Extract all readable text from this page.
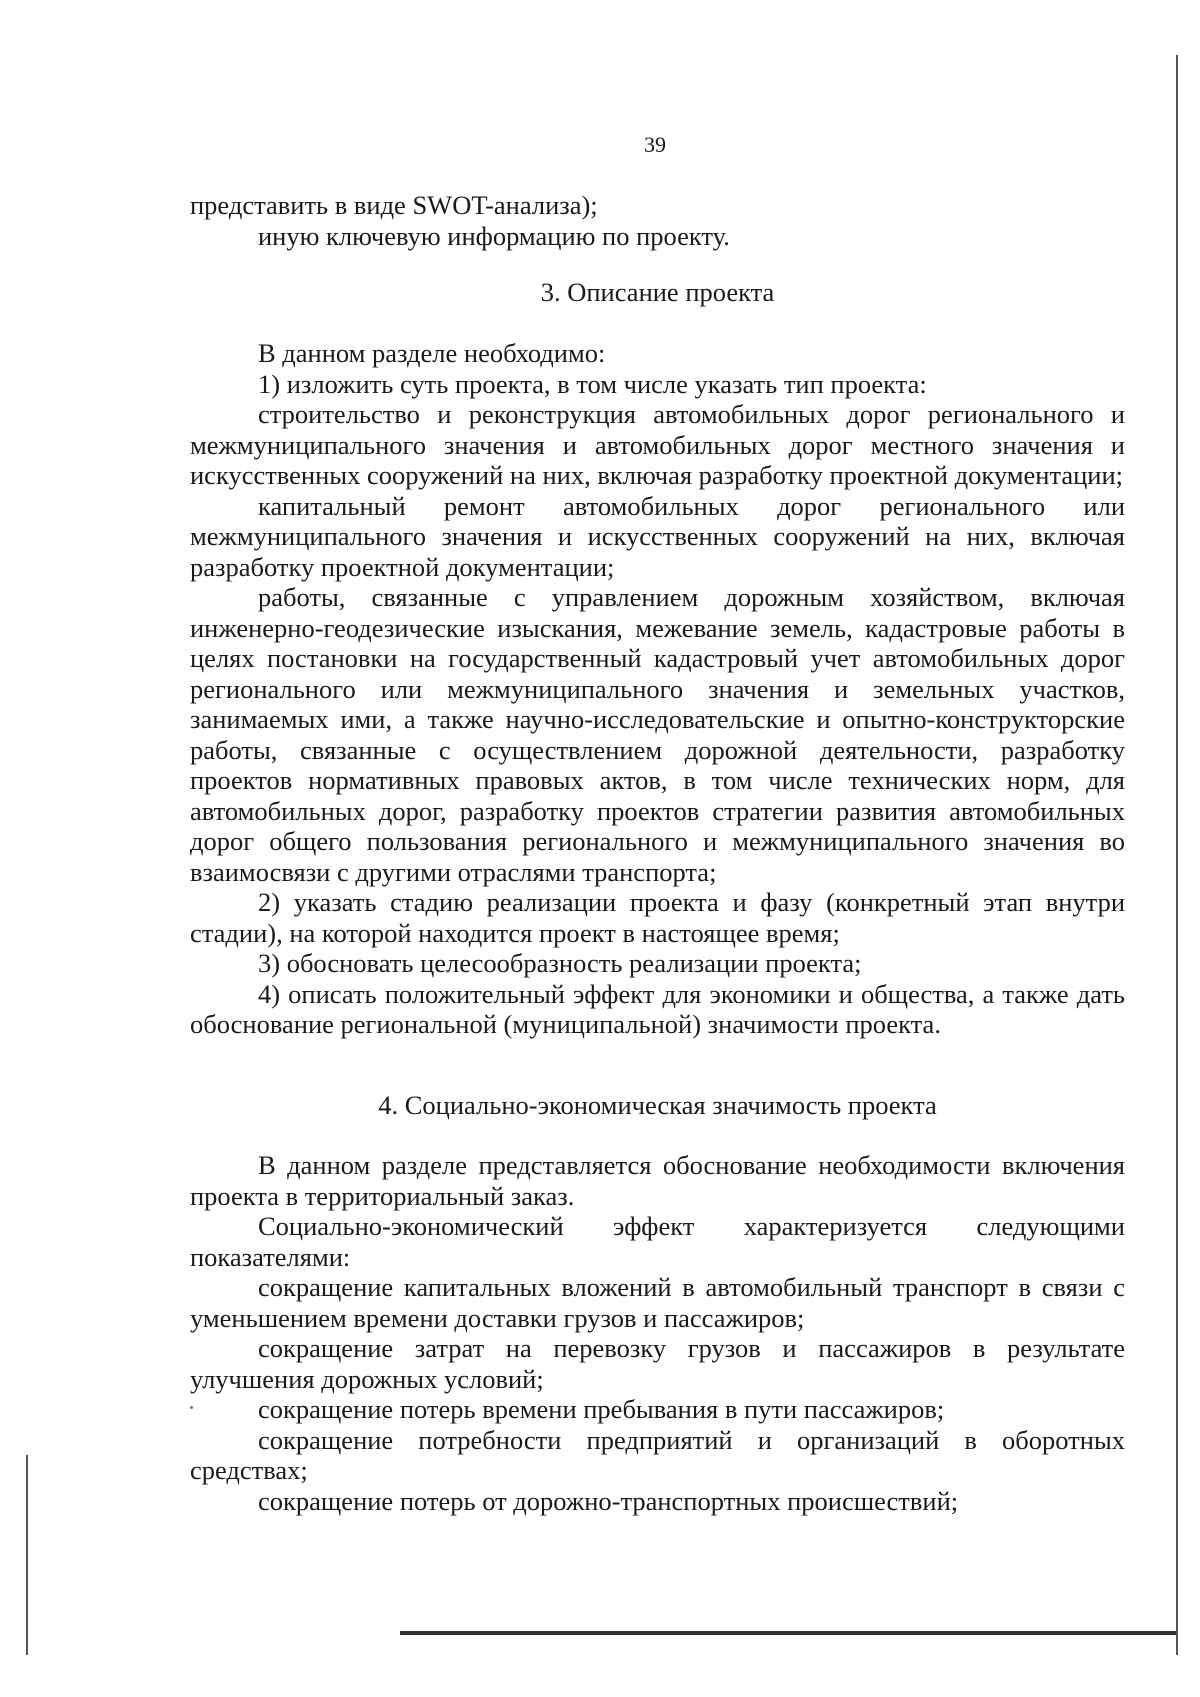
39

представить в виде SWOT-анализа);

иную ключевую информацию по проекту.

3. Описание проекта

В данном разделе необходимо:

1) изложить суть проекта, в том числе указать тип проекта:

строительство и реконструкция автомобильных дорог регионального и межмуниципального значения и автомобильных дорог местного значения и искусственных сооружений на них, включая разработку проектной документации;

капитальный ремонт автомобильных дорог регионального или межмуниципального значения и искусственных сооружений на них, включая разработку проектной документации;

работы, связанные с управлением дорожным хозяйством, включая инженерно-геодезические изыскания, межевание земель, кадастровые работы в целях постановки на государственный кадастровый учет автомобильных дорог регионального или межмуниципального значения и земельных участков, занимаемых ими, а также научно-исследовательские и опытно-конструкторские работы, связанные с осуществлением дорожной деятельности, разработку проектов нормативных правовых актов, в том числе технических норм, для автомобильных дорог, разработку проектов стратегии развития автомобильных дорог общего пользования регионального и межмуниципального значения во взаимосвязи с другими отраслями транспорта;

2) указать стадию реализации проекта и фазу (конкретный этап внутри стадии), на которой находится проект в настоящее время;

3) обосновать целесообразность реализации проекта;

4) описать положительный эффект для экономики и общества, а также дать обоснование региональной (муниципальной) значимости проекта.

4. Социально-экономическая значимость проекта

В данном разделе представляется обоснование необходимости включения проекта в территориальный заказ.

Социально-экономический эффект характеризуется следующими показателями:

сокращение капитальных вложений в автомобильный транспорт в связи с уменьшением времени доставки грузов и пассажиров;

сокращение затрат на перевозку грузов и пассажиров в результате улучшения дорожных условий;

сокращение потерь времени пребывания в пути пассажиров;

сокращение потребности предприятий и организаций в оборотных средствах;

сокращение потерь от дорожно-транспортных происшествий;
